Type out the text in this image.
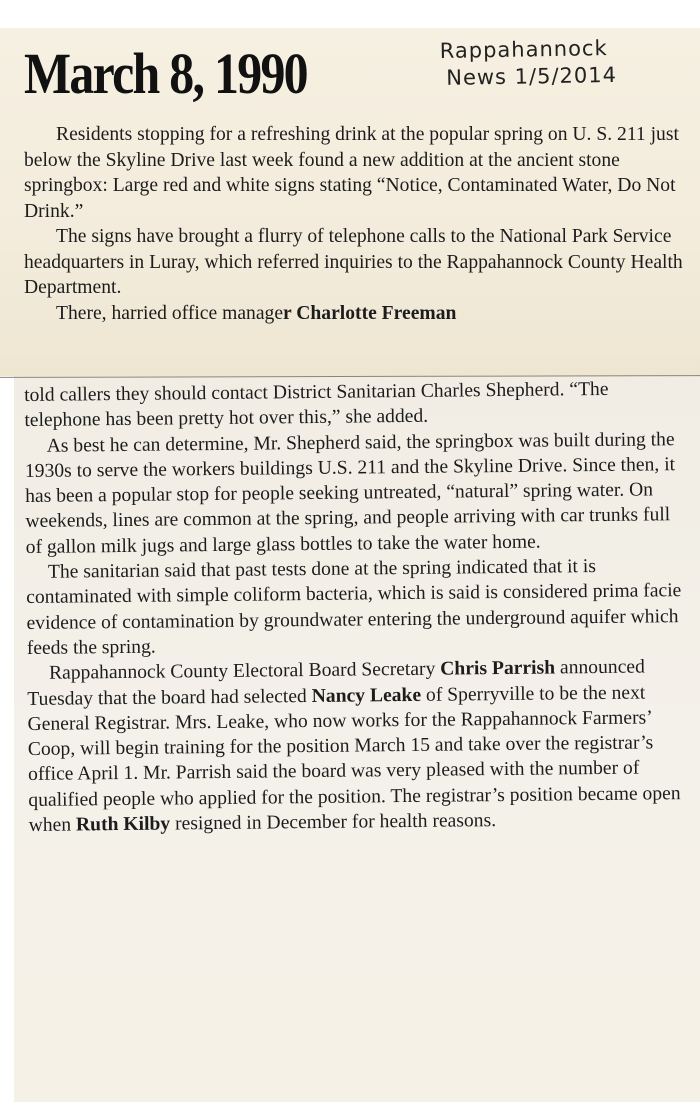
March 8, 1990	Rappahannock
News 1/5/2014

Residents stopping for a refreshing drink at the popular spring on U. S. 211 just below the Skyline Drive last week found a new addition at the ancient stone springbox: Large red and white signs stating “Notice, Contaminated Water, Do Not Drink.”

The signs have brought a flurry of telephone calls to the National Park Service headquarters in Luray, which referred inquiries to the Rappahannock County Health Department.

There, harried office manager Charlotte Freeman

told callers they should contact District Sanitarian Charles Shepherd. “The telephone has been pretty hot over this,” she added.

As best he can determine, Mr. Shepherd said, the springbox was built during the 1930s to serve the workers buildings U.S. 211 and the Skyline Drive. Since then, it has been a popular stop for people seeking untreated, “natural” spring water. On weekends, lines are common at the spring, and people arriving with car trunks full of gallon milk jugs and large glass bottles to take the water home.

The sanitarian said that past tests done at the spring indicated that it is contaminated with simple coliform bacteria, which is said is considered prima facie evidence of contamination by groundwater entering the underground aquifer which feeds the spring.

Rappahannock County Electoral Board Secretary Chris Parrish announced Tuesday that the board had selected Nancy Leake of Sperryville to be the next General Registrar. Mrs. Leake, who now works for the Rappahannock Farmers’ Coop, will begin training for the position March 15 and take over the registrar’s office April 1. Mr. Parrish said the board was very pleased with the number of qualified people who applied for the position. The registrar’s position became open when Ruth Kilby resigned in December for health reasons.
